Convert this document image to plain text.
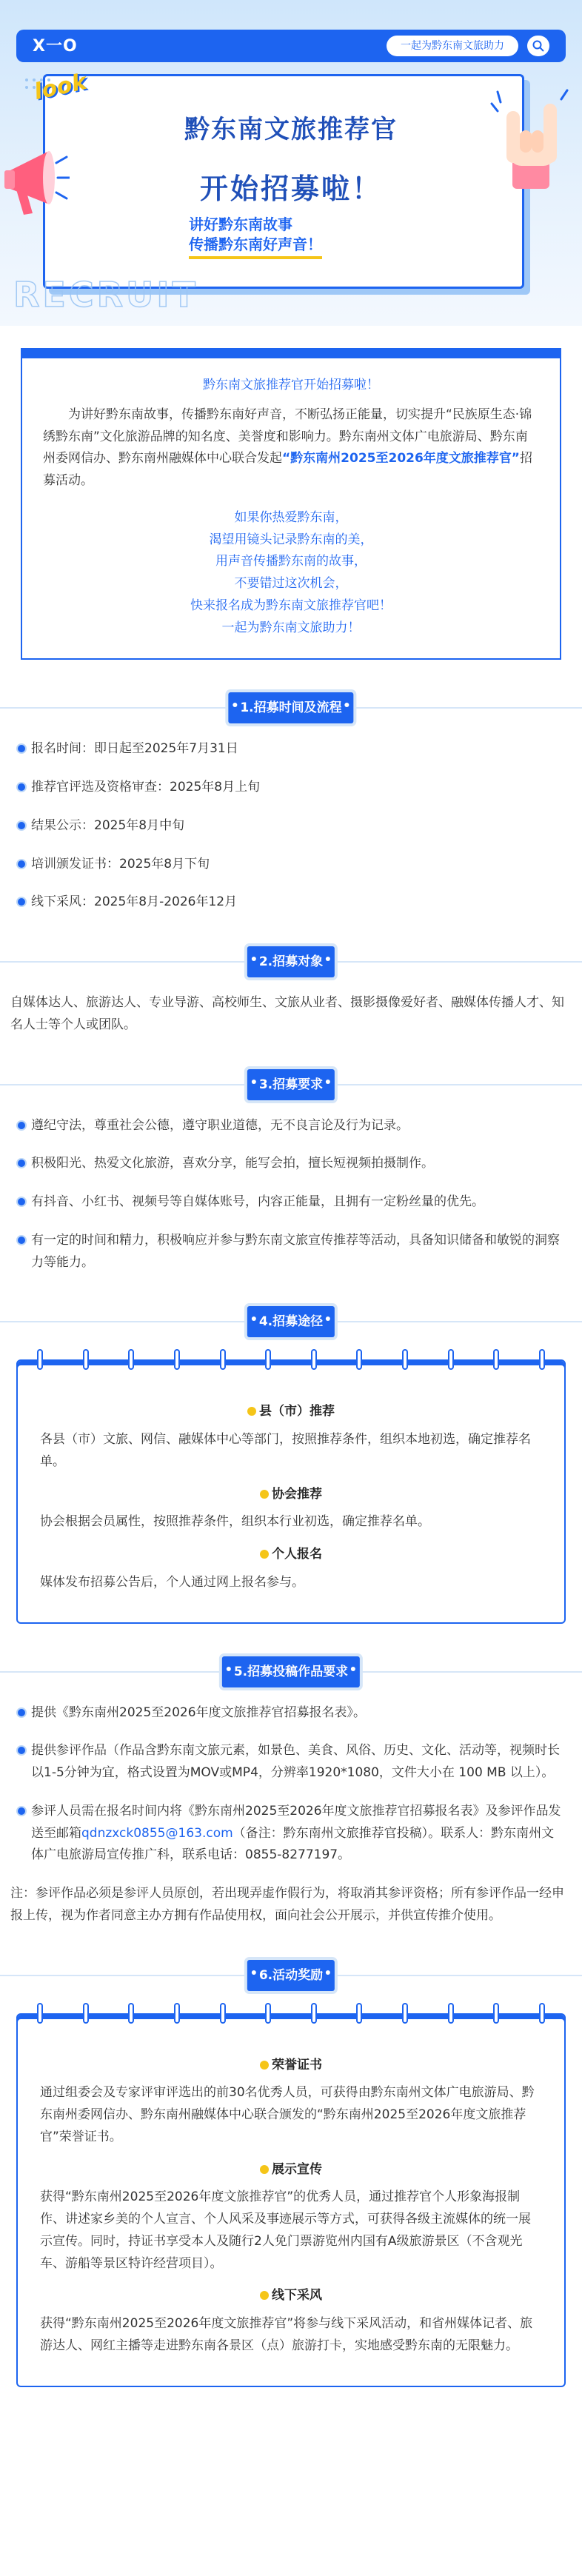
X一O	一起为黔东南文旅助力
look
黔东南文旅推荐官
开始招募啦！
讲好黔东南故事
传播黔东南好声音！
RECRUIT
黔东南文旅推荐官开始招募啦！

为讲好黔东南故事，传播黔东南好声音，不断弘扬正能量，切实提升“民族原生态·锦绣黔东南”文化旅游品牌的知名度、美誉度和影响力。黔东南州文体广电旅游局、黔东南州委网信办、黔东南州融媒体中心联合发起“黔东南州2025至2026年度文旅推荐官”招募活动。

如果你热爱黔东南，
渴望用镜头记录黔东南的美，
用声音传播黔东南的故事，
不要错过这次机会，
快来报名成为黔东南文旅推荐官吧！
一起为黔东南文旅助力！
1.招募时间及流程
报名时间：即日起至2025年7月31日
推荐官评选及资格审查：2025年8月上旬
结果公示：2025年8月中旬
培训颁发证书：2025年8月下旬
线下采风：2025年8月-2026年12月
2.招募对象

自媒体达人、旅游达人、专业导游、高校师生、文旅从业者、摄影摄像爱好者、融媒体传播人才、知名人士等个人或团队。

3.招募要求
遵纪守法，尊重社会公德，遵守职业道德，无不良言论及行为记录。
积极阳光、热爱文化旅游，喜欢分享，能写会拍，擅长短视频拍摄制作。
有抖音、小红书、视频号等自媒体账号，内容正能量，且拥有一定粉丝量的优先。
有一定的时间和精力，积极响应并参与黔东南文旅宣传推荐等活动，具备知识储备和敏锐的洞察力等能力。
4.招募途径
县（市）推荐

各县（市）文旅、网信、融媒体中心等部门，按照推荐条件，组织本地初选，确定推荐名单。

协会推荐

协会根据会员属性，按照推荐条件，组织本行业初选，确定推荐名单。

个人报名

媒体发布招募公告后，个人通过网上报名参与。

5.招募投稿作品要求
提供《黔东南州2025至2026年度文旅推荐官招募报名表》。
提供参评作品（作品含黔东南文旅元素，如景色、美食、风俗、历史、文化、活动等，视频时长以1-5分钟为宜，格式设置为MOV或MP4，分辨率1920*1080，文件大小在 100 MB 以上）。
参评人员需在报名时间内将《黔东南州2025至2026年度文旅推荐官招募报名表》及参评作品发送至邮箱qdnzxck0855@163.com（备注：黔东南州文旅推荐官投稿）。联系人：黔东南州文体广电旅游局宣传推广科，联系电话：0855-8277197。

注：参评作品必须是参评人员原创，若出现弄虚作假行为，将取消其参评资格；所有参评作品一经申报上传，视为作者同意主办方拥有作品使用权，面向社会公开展示，并供宣传推介使用。

6.活动奖励
荣誉证书

通过组委会及专家评审评选出的前30名优秀人员，可获得由黔东南州文体广电旅游局、黔东南州委网信办、黔东南州融媒体中心联合颁发的“黔东南州2025至2026年度文旅推荐官”荣誉证书。

展示宣传

获得“黔东南州2025至2026年度文旅推荐官”的优秀人员，通过推荐官个人形象海报制作、讲述家乡美的个人宣言、个人风采及事迹展示等方式，可获得各级主流媒体的统一展示宣传。同时，持证书享受本人及随行2人免门票游览州内国有A级旅游景区（不含观光车、游船等景区特许经营项目）。

线下采风

获得“黔东南州2025至2026年度文旅推荐官”将参与线下采风活动，和省州媒体记者、旅游达人、网红主播等走进黔东南各景区（点）旅游打卡，实地感受黔东南的无限魅力。
